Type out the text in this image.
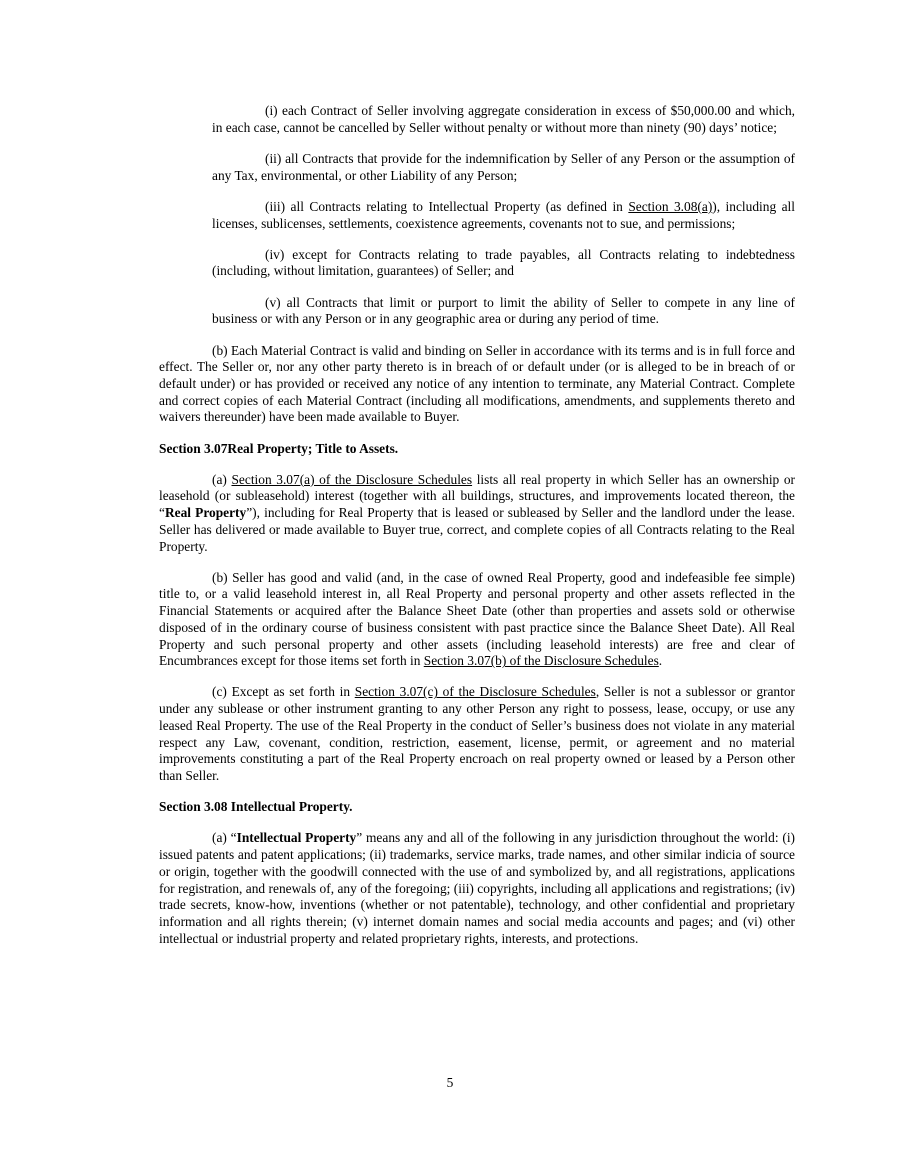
(i) each Contract of Seller involving aggregate consideration in excess of $50,000.00 and which, in each case, cannot be cancelled by Seller without penalty or without more than ninety (90) days’ notice;

(ii) all Contracts that provide for the indemnification by Seller of any Person or the assumption of any Tax, environmental, or other Liability of any Person;

(iii) all Contracts relating to Intellectual Property (as defined in Section 3.08(a)), including all licenses, sublicenses, settlements, coexistence agreements, covenants not to sue, and permissions;

(iv) except for Contracts relating to trade payables, all Contracts relating to indebtedness (including, without limitation, guarantees) of Seller; and

(v) all Contracts that limit or purport to limit the ability of Seller to compete in any line of business or with any Person or in any geographic area or during any period of time.

(b) Each Material Contract is valid and binding on Seller in accordance with its terms and is in full force and effect. The Seller or, nor any other party thereto is in breach of or default under (or is alleged to be in breach of or default under) or has provided or received any notice of any intention to terminate, any Material Contract. Complete and correct copies of each Material Contract (including all modifications, amendments, and supplements thereto and waivers thereunder) have been made available to Buyer.

Section 3.07Real Property; Title to Assets.

(a) Section 3.07(a) of the Disclosure Schedules lists all real property in which Seller has an ownership or leasehold (or subleasehold) interest (together with all buildings, structures, and improvements located thereon, the “Real Property”), including for Real Property that is leased or subleased by Seller and the landlord under the lease. Seller has delivered or made available to Buyer true, correct, and complete copies of all Contracts relating to the Real Property.

(b) Seller has good and valid (and, in the case of owned Real Property, good and indefeasible fee simple) title to, or a valid leasehold interest in, all Real Property and personal property and other assets reflected in the Financial Statements or acquired after the Balance Sheet Date (other than properties and assets sold or otherwise disposed of in the ordinary course of business consistent with past practice since the Balance Sheet Date). All Real Property and such personal property and other assets (including leasehold interests) are free and clear of Encumbrances except for those items set forth in Section 3.07(b) of the Disclosure Schedules.

(c) Except as set forth in Section 3.07(c) of the Disclosure Schedules, Seller is not a sublessor or grantor under any sublease or other instrument granting to any other Person any right to possess, lease, occupy, or use any leased Real Property. The use of the Real Property in the conduct of Seller’s business does not violate in any material respect any Law, covenant, condition, restriction, easement, license, permit, or agreement and no material improvements constituting a part of the Real Property encroach on real property owned or leased by a Person other than Seller.

Section 3.08 Intellectual Property.

(a) “Intellectual Property” means any and all of the following in any jurisdiction throughout the world: (i) issued patents and patent applications; (ii) trademarks, service marks, trade names, and other similar indicia of source or origin, together with the goodwill connected with the use of and symbolized by, and all registrations, applications for registration, and renewals of, any of the foregoing; (iii) copyrights, including all applications and registrations; (iv) trade secrets, know-how, inventions (whether or not patentable), technology, and other confidential and proprietary information and all rights therein; (v) internet domain names and social media accounts and pages; and (vi) other intellectual or industrial property and related proprietary rights, interests, and protections.

5
